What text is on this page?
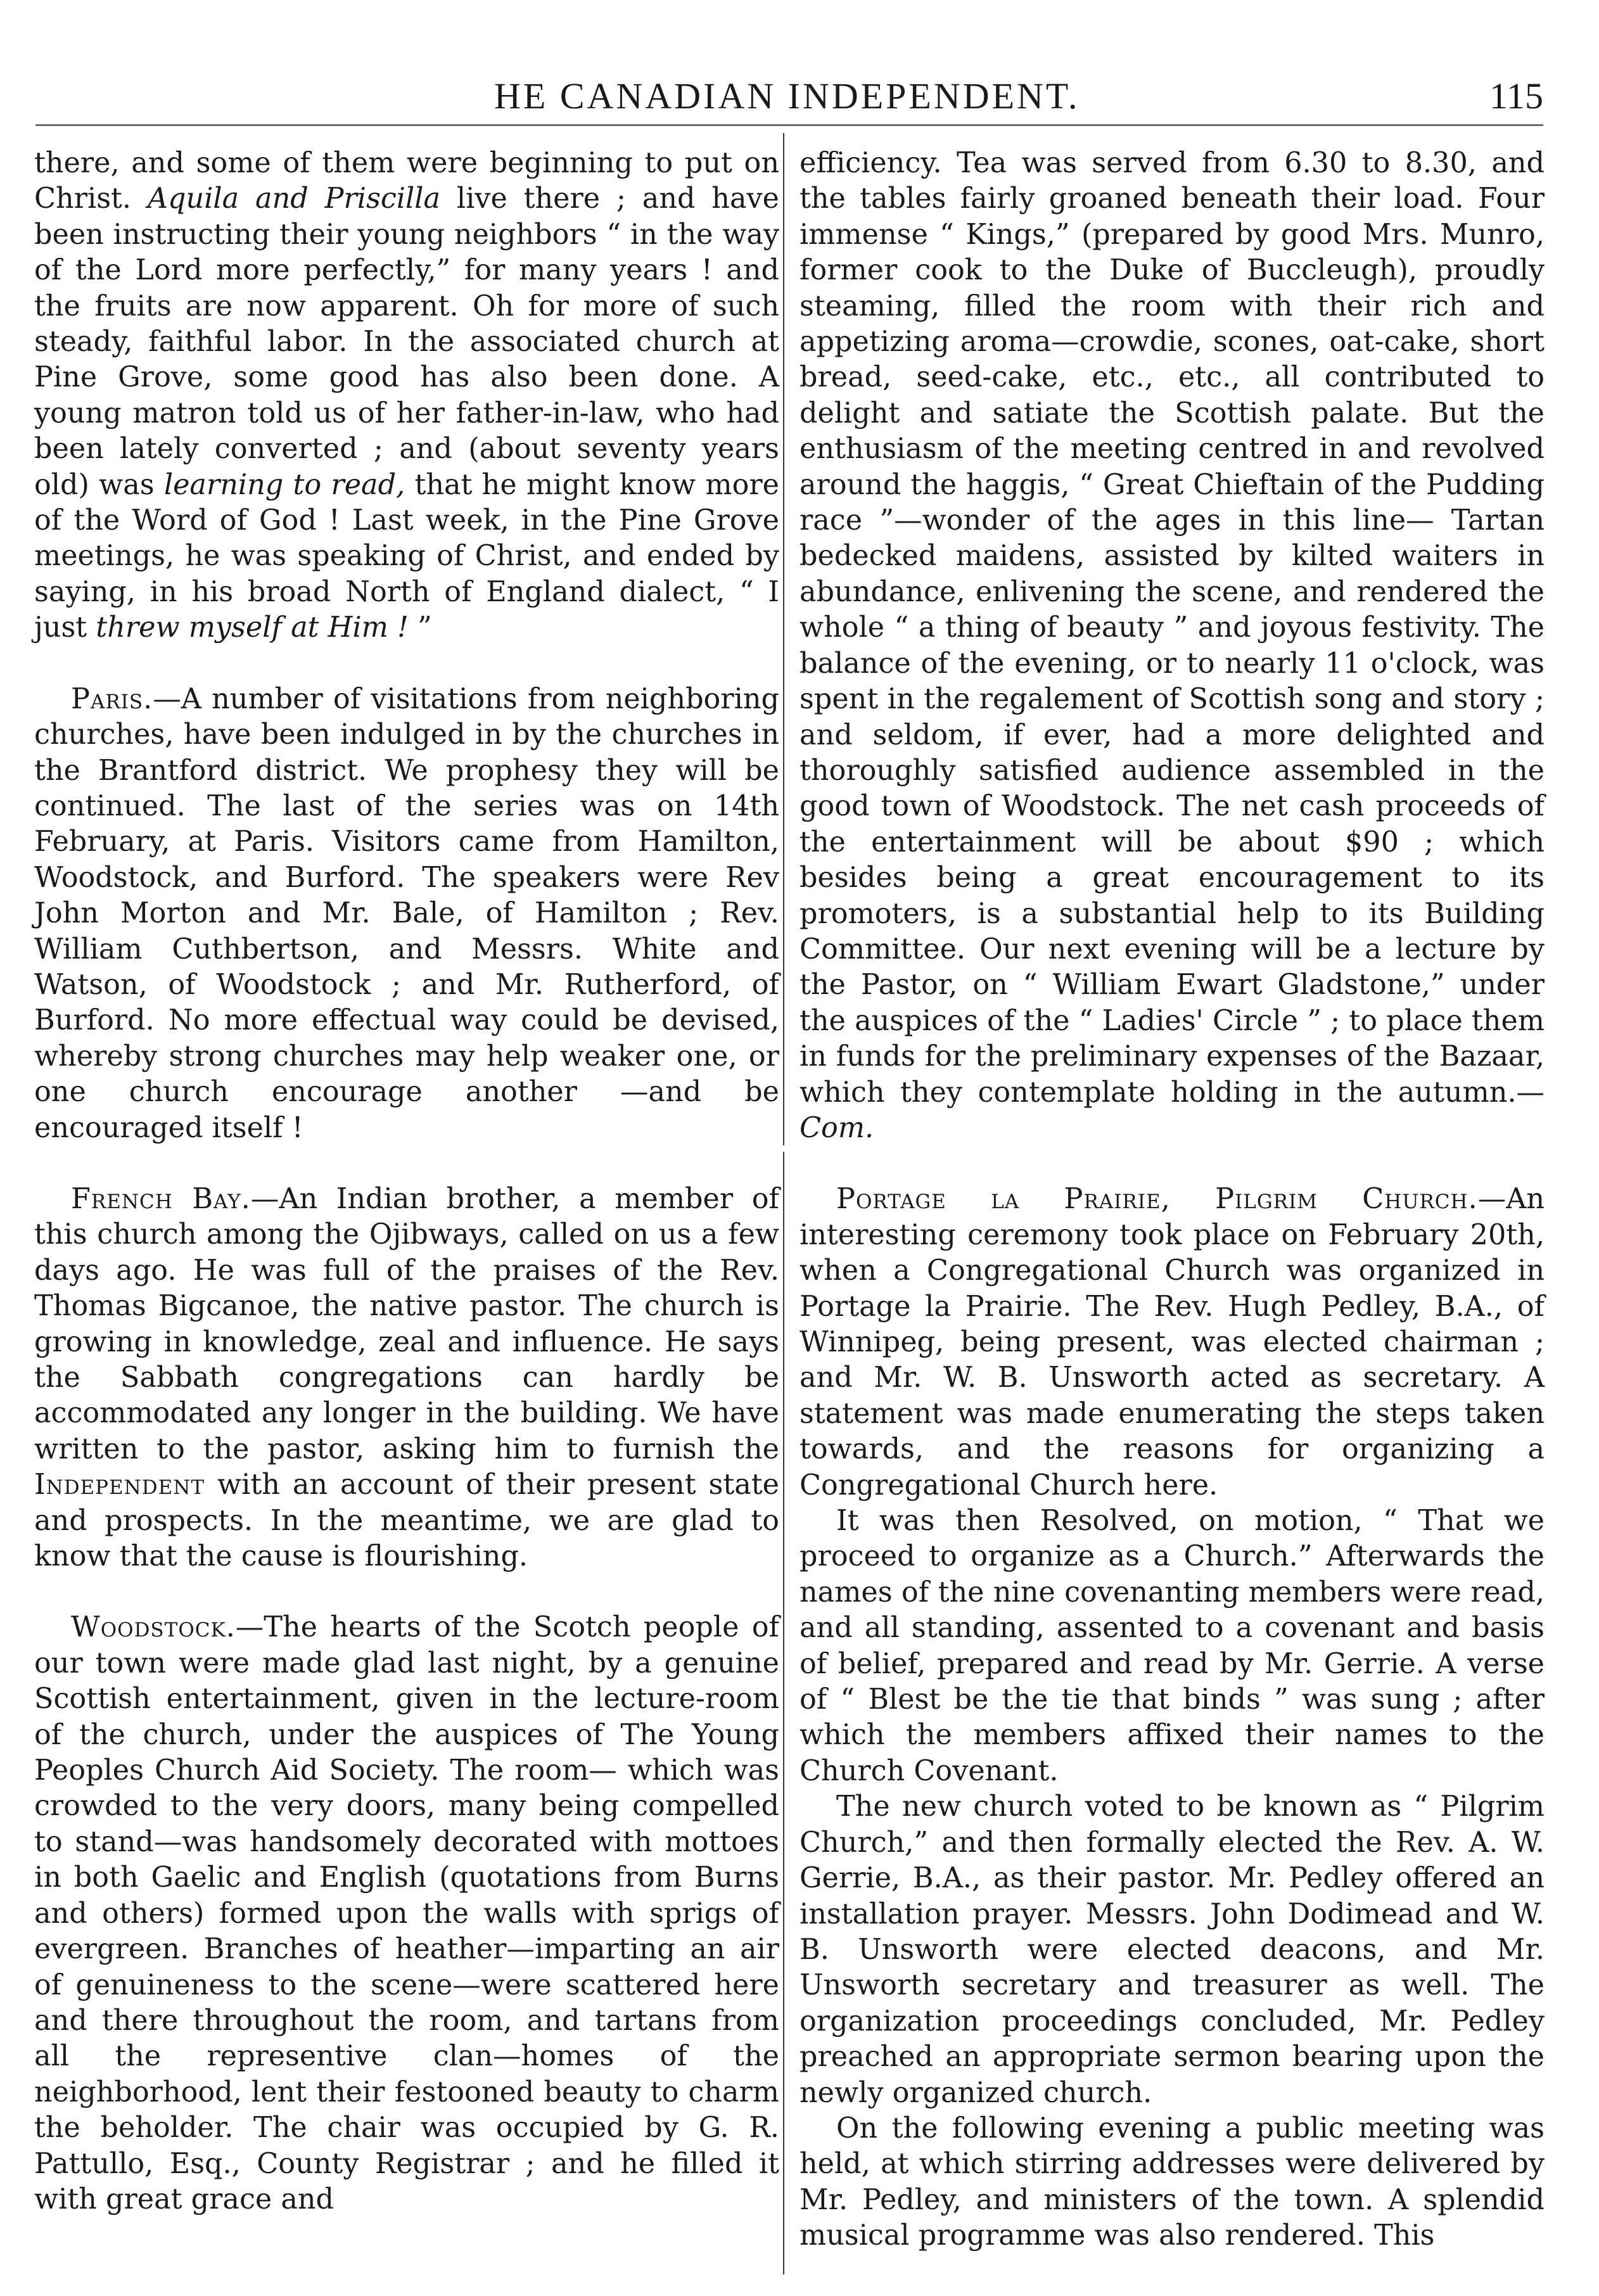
HE CANADIAN INDEPENDENT.	115

there, and some of them were beginning to put on Christ. Aquila and Priscilla live there ; and have been instructing their young neighbors “ in the way of the Lord more perfectly,” for many years ! and the fruits are now apparent. Oh for more of such steady, faithful labor. In the associated church at Pine Grove, some good has also been done. A young matron told us of her father-in-law, who had been lately converted ; and (about seventy years old) was learning to read, that he might know more of the Word of God ! Last week, in the Pine Grove meetings, he was speaking of Christ, and ended by saying, in his broad North of England dialect, “ I just threw myself at Him ! ”

Paris.—A number of visitations from neighboring churches, have been indulged in by the churches in the Brantford district. We prophesy they will be continued. The last of the series was on 14th February, at Paris. Visitors came from Hamilton, Woodstock, and Burford. The speakers were Rev John Morton and Mr. Bale, of Hamilton ; Rev. William Cuthbertson, and Messrs. White and Watson, of Woodstock ; and Mr. Rutherford, of Burford. No more effectual way could be devised, whereby strong churches may help weaker one, or one church encourage another —and be encouraged itself !

French Bay.—An Indian brother, a member of this church among the Ojibways, called on us a few days ago. He was full of the praises of the Rev. Thomas Bigcanoe, the native pastor. The church is growing in knowledge, zeal and influence. He says the Sabbath congregations can hardly be accommodated any longer in the building. We have written to the pastor, asking him to furnish the Independent with an account of their present state and prospects. In the meantime, we are glad to know that the cause is flourishing.

Woodstock.—The hearts of the Scotch people of our town were made glad last night, by a genuine Scottish entertainment, given in the lecture-room of the church, under the auspices of The Young Peoples Church Aid Society. The room— which was crowded to the very doors, many being compelled to stand—was handsomely decorated with mottoes in both Gaelic and English (quotations from Burns and others) formed upon the walls with sprigs of evergreen. Branches of heather—imparting an air of genuineness to the scene—were scattered here and there throughout the room, and tartans from all the representive clan—homes of the neighborhood, lent their festooned beauty to charm the beholder. The chair was occupied by G. R. Pattullo, Esq., County Registrar ; and he filled it with great grace and

efficiency. Tea was served from 6.30 to 8.30, and the tables fairly groaned beneath their load. Four immense “ Kings,” (prepared by good Mrs. Munro, former cook to the Duke of Buccleugh), proudly steaming, filled the room with their rich and appetizing aroma—crowdie, scones, oat-cake, short bread, seed-cake, etc., etc., all contributed to delight and satiate the Scottish palate. But the enthusiasm of the meeting centred in and revolved around the haggis, “ Great Chieftain of the Pudding race ”—wonder of the ages in this line— Tartan bedecked maidens, assisted by kilted waiters in abundance, enlivening the scene, and rendered the whole “ a thing of beauty ” and joyous festivity. The balance of the evening, or to nearly 11 o'clock, was spent in the regalement of Scottish song and story ; and seldom, if ever, had a more delighted and thoroughly satisfied audience assembled in the good town of Woodstock. The net cash proceeds of the entertainment will be about $90 ; which besides being a great encouragement to its promoters, is a substantial help to its Building Committee. Our next evening will be a lecture by the Pastor, on “ William Ewart Gladstone,” under the auspices of the “ Ladies' Circle ” ; to place them in funds for the preliminary expenses of the Bazaar, which they contemplate holding in the autumn.—Com.

Portage la Prairie, Pilgrim Church.—An interesting ceremony took place on February 20th, when a Congregational Church was organized in Portage la Prairie. The Rev. Hugh Pedley, B.A., of Winnipeg, being present, was elected chairman ; and Mr. W. B. Unsworth acted as secretary. A statement was made enumerating the steps taken towards, and the reasons for organizing a Congregational Church here.

It was then Resolved, on motion, “ That we proceed to organize as a Church.” Afterwards the names of the nine covenanting members were read, and all standing, assented to a covenant and basis of belief, prepared and read by Mr. Gerrie. A verse of “ Blest be the tie that binds ” was sung ; after which the members affixed their names to the Church Covenant.

The new church voted to be known as “ Pilgrim Church,” and then formally elected the Rev. A. W. Gerrie, B.A., as their pastor. Mr. Pedley offered an installation prayer. Messrs. John Dodimead and W. B. Unsworth were elected deacons, and Mr. Unsworth secretary and treasurer as well. The organization proceedings concluded, Mr. Pedley preached an appropriate sermon bearing upon the newly organized church.

On the following evening a public meeting was held, at which stirring addresses were delivered by Mr. Pedley, and ministers of the town. A splendid musical programme was also rendered. This
